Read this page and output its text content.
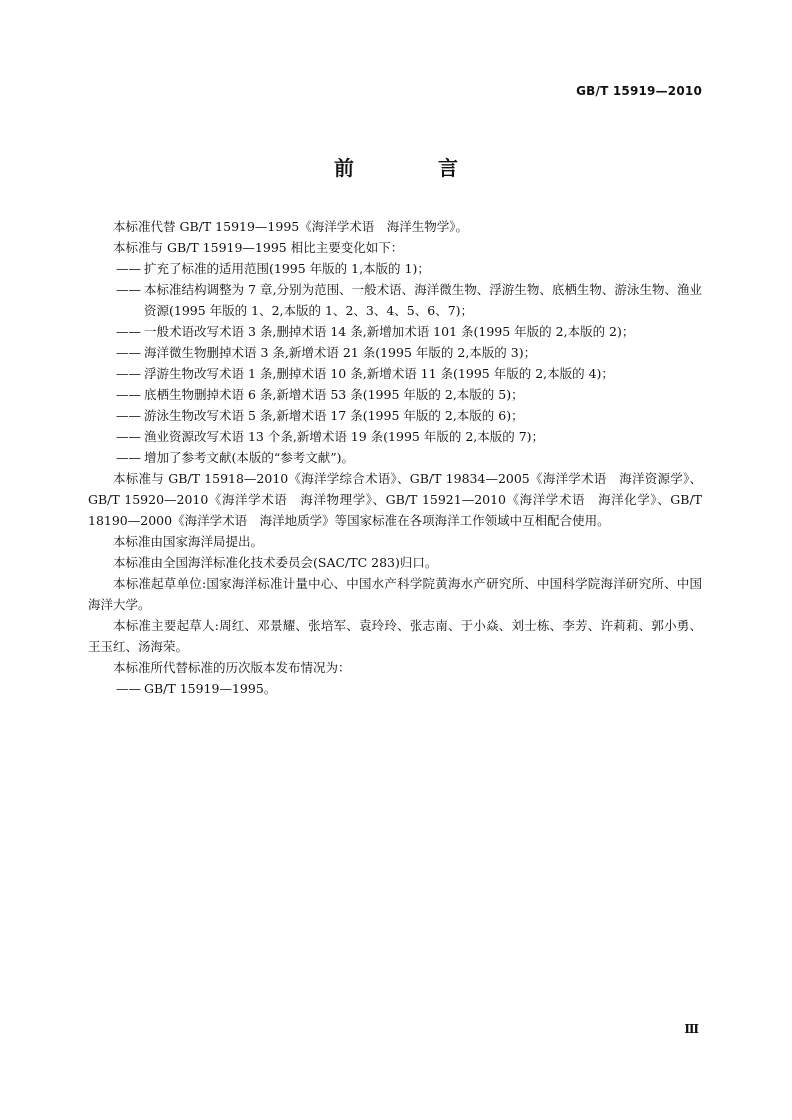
GB/T 15919—2010
前　言

本标准代替 GB/T 15919—1995《海洋学术语　海洋生物学》。

本标准与 GB/T 15919—1995 相比主要变化如下：

—— 扩充了标准的适用范围(1995 年版的 1,本版的 1)；

—— 本标准结构调整为 7 章,分别为范围、一般术语、海洋微生物、浮游生物、底栖生物、游泳生物、渔业资源(1995 年版的 1、2,本版的 1、2、3、4、5、6、7)；

—— 一般术语改写术语 3 条,删掉术语 14 条,新增加术语 101 条(1995 年版的 2,本版的 2)；

—— 海洋微生物删掉术语 3 条,新增术语 21 条(1995 年版的 2,本版的 3)；

—— 浮游生物改写术语 1 条,删掉术语 10 条,新增术语 11 条(1995 年版的 2,本版的 4)；

—— 底栖生物删掉术语 6 条,新增术语 53 条(1995 年版的 2,本版的 5)；

—— 游泳生物改写术语 5 条,新增术语 17 条(1995 年版的 2,本版的 6)；

—— 渔业资源改写术语 13 个条,新增术语 19 条(1995 年版的 2,本版的 7)；

—— 增加了参考文献(本版的“参考文献”)。

本标准与 GB/T 15918—2010《海洋学综合术语》、GB/T 19834—2005《海洋学术语　海洋资源学》、GB/T 15920—2010《海洋学术语　海洋物理学》、GB/T 15921—2010《海洋学术语　海洋化学》、GB/T 18190—2000《海洋学术语　海洋地质学》等国家标准在各项海洋工作领域中互相配合使用。

本标准由国家海洋局提出。

本标准由全国海洋标准化技术委员会(SAC/TC 283)归口。

本标准起草单位:国家海洋标准计量中心、中国水产科学院黄海水产研究所、中国科学院海洋研究所、中国海洋大学。

本标准主要起草人:周红、邓景耀、张培军、袁玲玲、张志南、于小焱、刘士栋、李芳、许莉莉、郭小勇、王玉红、汤海荣。

本标准所代替标准的历次版本发布情况为：

—— GB/T 15919—1995。

Ⅲ
